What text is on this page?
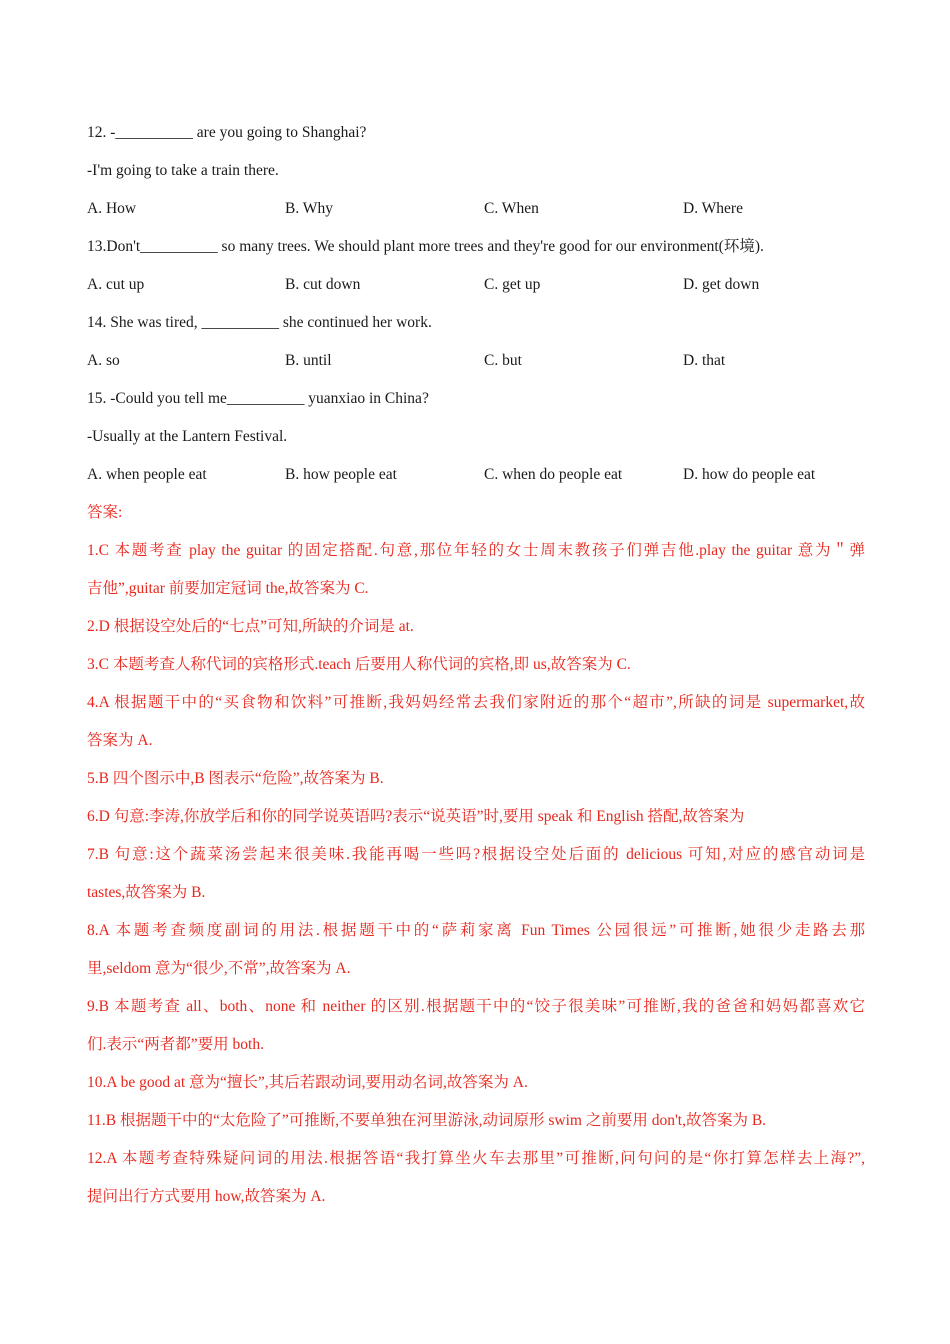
12. -__________ are you going to Shanghai?
-I'm going to take a train there.
A. How	B. Why	C. When	D. Where
13.Don't__________ so many trees. We should plant more trees and they're good for our environment(环境).
A. cut up	B. cut down	C. get up	D. get down
14. She was tired, __________ she continued her work.
A. so	B. until	C. but	D. that
15. -Could you tell me__________ yuanxiao in China?
-Usually at the Lantern Festival.
A. when people eat	B. how people eat	C. when do people eat	D. how do people eat
答案:
1.C 本题考查 play the guitar 的固定搭配.句意,那位年轻的女士周末教孩子们弹吉他.play the guitar 意为＂弹
吉他”,guitar 前要加定冠词 the,故答案为 C.
2.D 根据设空处后的“七点”可知,所缺的介词是 at.
3.C 本题考查人称代词的宾格形式.teach 后要用人称代词的宾格,即 us,故答案为 C.
4.A 根据题干中的“买食物和饮料”可推断,我妈妈经常去我们家附近的那个“超市”,所缺的词是 supermarket,故
答案为 A.
5.B 四个图示中,B 图表示“危险”,故答案为 B.
6.D 句意:李涛,你放学后和你的同学说英语吗?表示“说英语”时,要用 speak 和 English 搭配,故答案为
7.B 句意:这个蔬菜汤尝起来很美味.我能再喝一些吗?根据设空处后面的 delicious 可知,对应的感官动词是
tastes,故答案为 B.
8.A 本题考查频度副词的用法.根据题干中的“萨莉家离 Fun Times 公园很远”可推断,她很少走路去那
里,seldom 意为“很少,不常”,故答案为 A.
9.B 本题考查 all、both、none 和 neither 的区别.根据题干中的“饺子很美味”可推断,我的爸爸和妈妈都喜欢它
们.表示“两者都”要用 both.
10.A be good at 意为“擅长”,其后若跟动词,要用动名词,故答案为 A.
11.B 根据题干中的“太危险了”可推断,不要单独在河里游泳,动词原形 swim 之前要用 don't,故答案为 B.
12.A 本题考查特殊疑问词的用法.根据答语“我打算坐火车去那里”可推断,问句问的是“你打算怎样去上海?”,
提问出行方式要用 how,故答案为 A.
